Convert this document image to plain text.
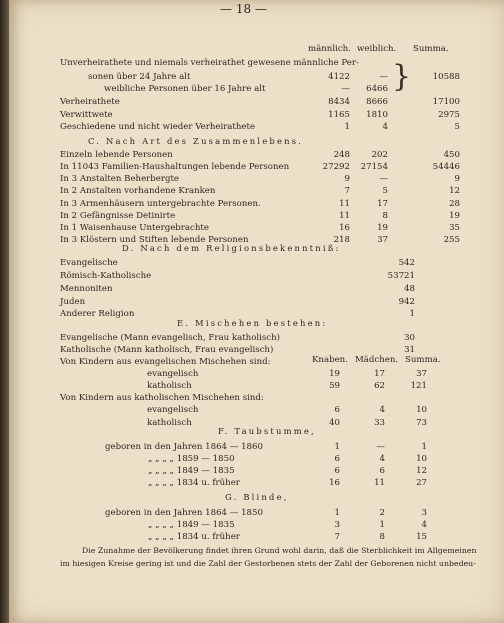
— 18 —
männlich. weiblich. Summa.
Unverheirathete und niemals verheirathet gewesene männliche Per-
sonen über 24 Jahre alt	4122	— }	10588
weibliche Personen über 16 Jahre alt	—	6466
Verheirathete	8434	8666	17100
Verwittwete	1165	1810	2975
Geschiedene und nicht wieder Verheirathete	1	4	5
C. Nach Art des Zusammenlebens.
Einzeln lebende Personen	248	202	450
In 11043 Familien-Haushaltungen lebende Personen	27292	27154	54446
In 3 Anstalten Beherbergte	9	—	9
In 2 Anstalten vorhandene Kranken	7	5	12
In 3 Armenhäusern untergebrachte Personen.	11	17	28
In 2 Gefängnisse Detinirte	11	8	19
In 1 Waisenhause Untergebrachte	16	19	35
In 3 Klöstern und Stiften lebende Personen	218	37	255
D. Nach dem Religionsbekenntniß:
Evangelische	542
Römisch-Katholische	53721
Mennoniten	48
Juden	942
Anderer Religion	1
E. Mischehen bestehen:
Evangelische (Mann evangelisch, Frau katholisch)	30
Katholische (Mann katholisch, Frau evangelisch)	31
Von Kindern aus evangelischen Mischehen sind:	Knaben. Mädchen. Summa.
evangelisch	19	17	37
katholisch	59	62	121
Von Kindern aus katholischen Mischehen sind:
evangelisch	6	4	10
katholisch	40	33	73
F. Taubstumme,
geboren in den Jahren 1864 — 1860	1	—	1
„ „ „ „ 1859 — 1850	6	4	10
„ „ „ „ 1849 — 1835	6	6	12
„ „ „ „ 1834 u. früher	16	11	27
G. Blinde,
geboren in den Jahren 1864 — 1850	1	2	3
„ „ „ „ 1849 — 1835	3	1	4
„ „ „ „ 1834 u. früher	7	8	15
Die Zunahme der Bevölkerung findet ihren Grund wohl darin, daß die Sterblichkeit im Allgemeinen
im hiesigen Kreise gering ist und die Zahl der Gestorbenen stets der Zahl der Geborenen nicht unbedeu-
